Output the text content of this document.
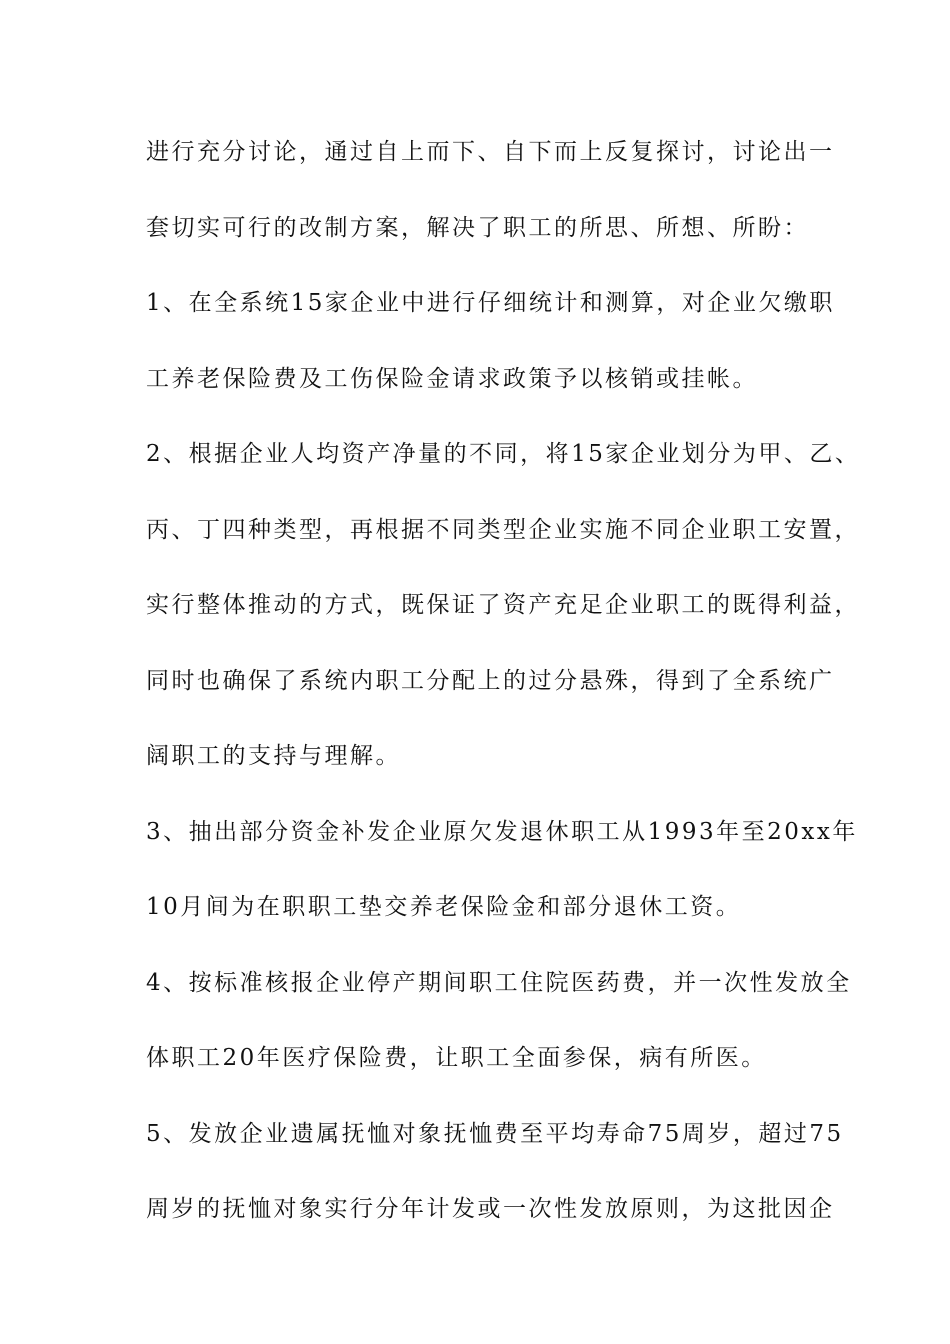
进行充分讨论，通过自上而下、自下而上反复探讨，讨论出一
套切实可行的改制方案，解决了职工的所思、所想、所盼：
1、在全系统15家企业中进行仔细统计和测算，对企业欠缴职
工养老保险费及工伤保险金请求政策予以核销或挂帐。
2、根据企业人均资产净量的不同，将15家企业划分为甲、乙、
丙、丁四种类型，再根据不同类型企业实施不同企业职工安置，
实行整体推动的方式，既保证了资产充足企业职工的既得利益，
同时也确保了系统内职工分配上的过分悬殊，得到了全系统广
阔职工的支持与理解。
3、抽出部分资金补发企业原欠发退休职工从1993年至20xx年
10月间为在职职工垫交养老保险金和部分退休工资。
4、按标准核报企业停产期间职工住院医药费，并一次性发放全
体职工20年医疗保险费，让职工全面参保，病有所医。
5、发放企业遗属抚恤对象抚恤费至平均寿命75周岁，超过75
周岁的抚恤对象实行分年计发或一次性发放原则，为这批因企
